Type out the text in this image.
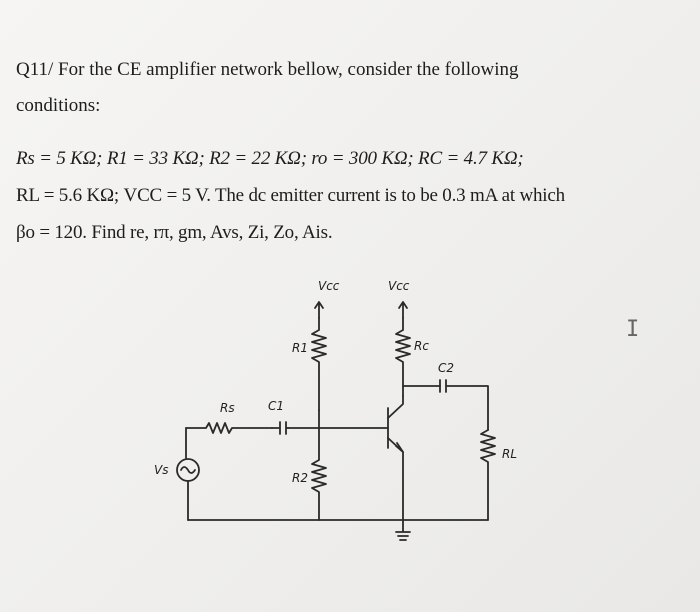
Q11/ For the CE amplifier network bellow, consider the following
conditions:
Rs = 5 KΩ; R1 = 33 KΩ; R2 = 22 KΩ; ro = 300 KΩ; RC = 4.7 KΩ;
RL = 5.6 KΩ; VCC = 5 V. The dc emitter current is to be 0.3 mA at which
βo = 120. Find re, rπ, gm, Avs, Zi, Zo, Ais.
Vcc	Vcc
R1	Rc
C2
RL
C1
Rs
R2
Vs
I
